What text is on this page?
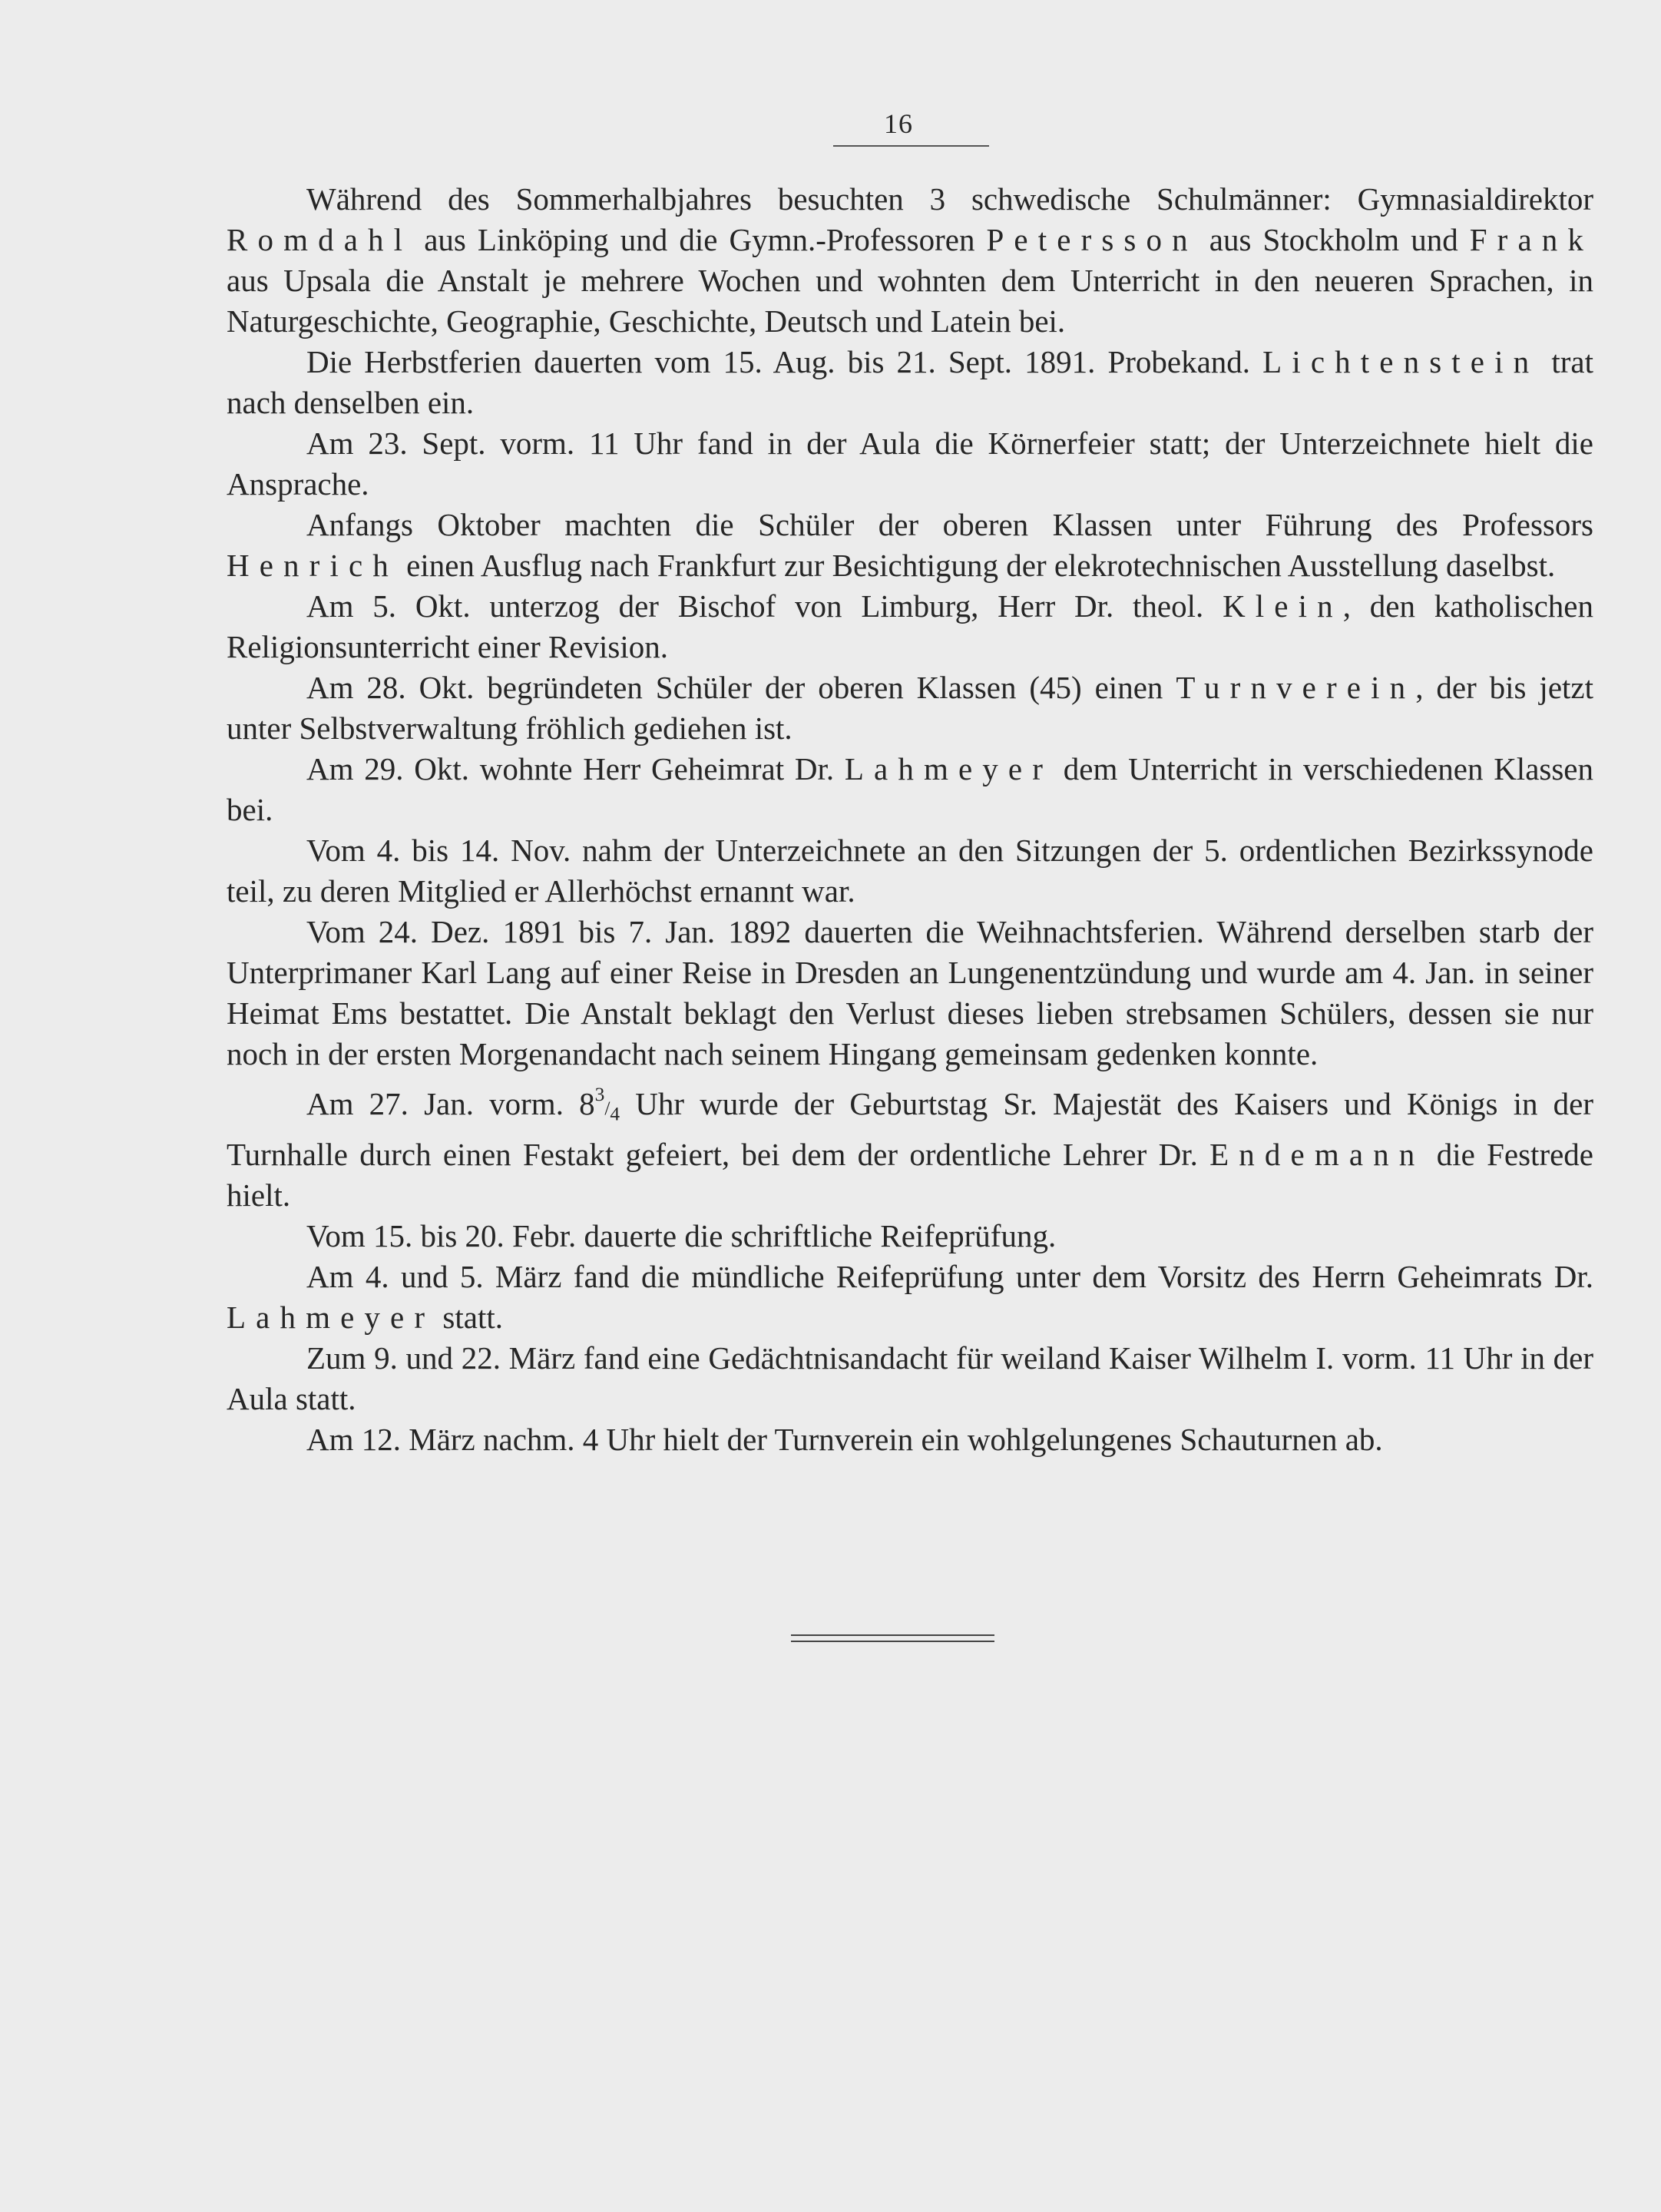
16

Während des Sommerhalbjahres besuchten 3 schwedische Schulmänner: Gymnasialdirektor Romdahl aus Linköping und die Gymn.-Professoren Petersson aus Stockholm und Frank aus Upsala die Anstalt je mehrere Wochen und wohnten dem Unterricht in den neueren Sprachen, in Naturgeschichte, Geographie, Geschichte, Deutsch und Latein bei.

Die Herbstferien dauerten vom 15. Aug. bis 21. Sept. 1891. Probekand. Lichtenstein trat nach denselben ein.

Am 23. Sept. vorm. 11 Uhr fand in der Aula die Körnerfeier statt; der Unterzeichnete hielt die Ansprache.

Anfangs Oktober machten die Schüler der oberen Klassen unter Führung des Professors Henrich einen Ausflug nach Frankfurt zur Besichtigung der elekrotechnischen Ausstellung daselbst.

Am 5. Okt. unterzog der Bischof von Limburg, Herr Dr. theol. Klein, den katholischen Religionsunterricht einer Revision.

Am 28. Okt. begründeten Schüler der oberen Klassen (45) einen Turnverein, der bis jetzt unter Selbstverwaltung fröhlich gediehen ist.

Am 29. Okt. wohnte Herr Geheimrat Dr. Lahmeyer dem Unterricht in verschiedenen Klassen bei.

Vom 4. bis 14. Nov. nahm der Unterzeichnete an den Sitzungen der 5. ordentlichen Bezirkssynode teil, zu deren Mitglied er Allerhöchst ernannt war.

Vom 24. Dez. 1891 bis 7. Jan. 1892 dauerten die Weihnachtsferien. Während derselben starb der Unterprimaner Karl Lang auf einer Reise in Dresden an Lungenentzündung und wurde am 4. Jan. in seiner Heimat Ems bestattet. Die Anstalt beklagt den Verlust dieses lieben strebsamen Schülers, dessen sie nur noch in der ersten Morgenandacht nach seinem Hingang gemeinsam gedenken konnte.

Am 27. Jan. vorm. 83/4 Uhr wurde der Geburtstag Sr. Majestät des Kaisers und Königs in der Turnhalle durch einen Festakt gefeiert, bei dem der ordentliche Lehrer Dr. Endemann die Festrede hielt.

Vom 15. bis 20. Febr. dauerte die schriftliche Reifeprüfung.

Am 4. und 5. März fand die mündliche Reifeprüfung unter dem Vorsitz des Herrn Geheimrats Dr. Lahmeyer statt.

Zum 9. und 22. März fand eine Gedächtnisandacht für weiland Kaiser Wilhelm I. vorm. 11 Uhr in der Aula statt.

Am 12. März nachm. 4 Uhr hielt der Turnverein ein wohlgelungenes Schauturnen ab.
